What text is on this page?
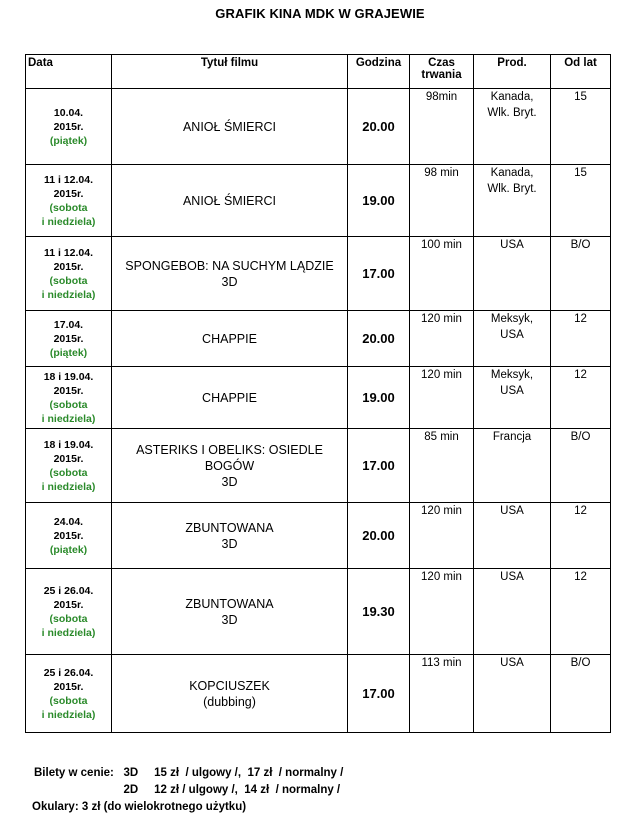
GRAFIK KINA MDK W GRAJEWIE
Data	Tytuł filmu	Godzina	Czas trwania	Prod.	Od lat

10.04.
2015r.
(piątek)	ANIOŁ ŚMIERCI	20.00	98min	Kanada,
Wlk. Bryt.	15

11 i 12.04.
2015r.
(sobota
i niedziela)	ANIOŁ ŚMIERCI	19.00	98 min	Kanada,
Wlk. Bryt.	15

11 i 12.04.
2015r.
(sobota
i niedziela)	SPONGEBOB: NA SUCHYM LĄDZIE
3D	17.00	100 min	USA	B/O

17.04.
2015r.
(piątek)	CHAPPIE	20.00	120 min	Meksyk,
USA	12

18 i 19.04.
2015r.
(sobota
i niedziela)	CHAPPIE	19.00	120 min	Meksyk,
USA	12

18 i 19.04.
2015r.
(sobota
i niedziela)	ASTERIKS I OBELIKS: OSIEDLE
BOGÓW
3D	17.00	85 min	Francja	B/O

24.04.
2015r.
(piątek)	ZBUNTOWANA
3D	20.00	120 min	USA	12

25 i 26.04.
2015r.
(sobota
i niedziela)	ZBUNTOWANA
3D	19.30	120 min	USA	12

25 i 26.04.
2015r.
(sobota
i niedziela)	KOPCIUSZEK
(dubbing)	17.00	113 min	USA	B/O
Bilety w cenie: 3D     15 zł  / ulgowy /,  17 zł  / normalny /
2D     12 zł / ulgowy /,  14 zł  / normalny /
Okulary: 3 zł (do wielokrotnego użytku)
